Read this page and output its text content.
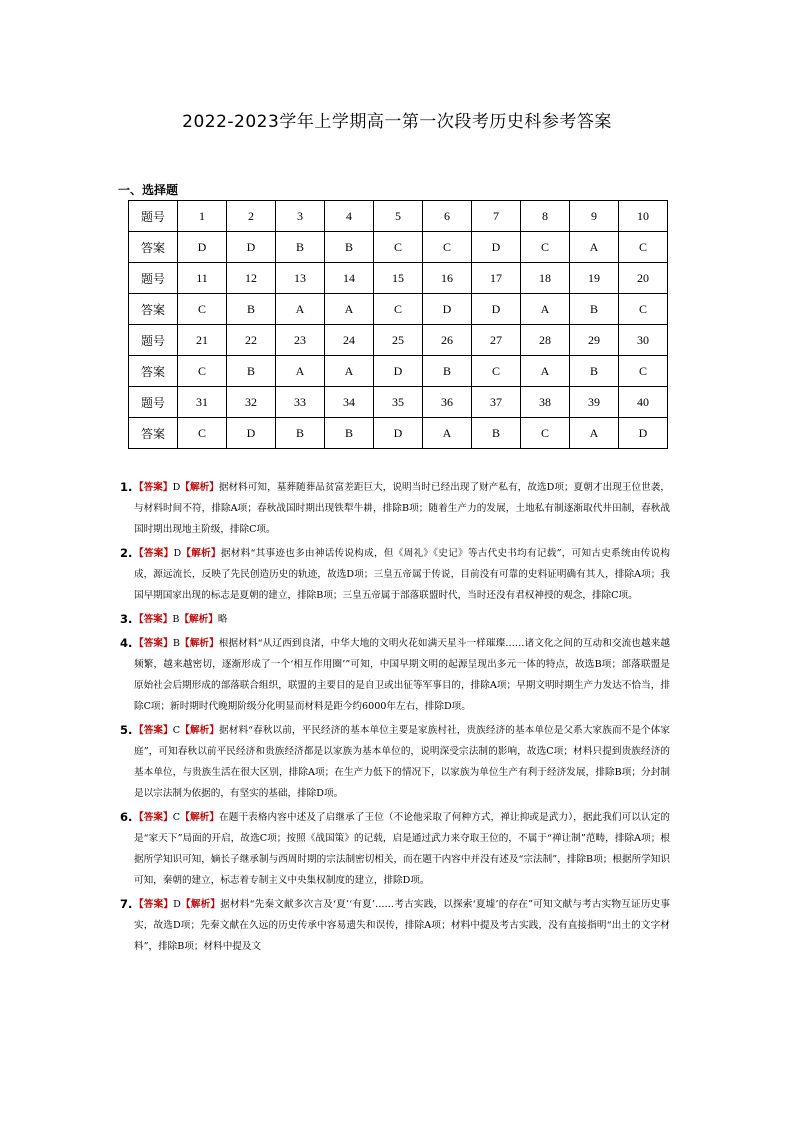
2022-2023学年上学期高一第一次段考历史科参考答案
一、选择题
题号	1	2	3	4	5	6	7	8	9	10
答案	D	D	B	B	C	C	D	C	A	C
题号	11	12	13	14	15	16	17	18	19	20
答案	C	B	A	A	C	D	D	A	B	C
题号	21	22	23	24	25	26	27	28	29	30
答案	C	B	A	A	D	B	C	A	B	C
题号	31	32	33	34	35	36	37	38	39	40
答案	C	D	B	B	D	A	B	C	A	D
1. 【答案】D【解析】据材料可知，墓葬随葬品贫富差距巨大，说明当时已经出现了财产私有，故选D项；夏朝才出现王位世袭，与材料时间不符，排除A项；春秋战国时期出现铁犁牛耕，排除B项；随着生产力的发展，土地私有制逐渐取代井田制，春秋战国时期出现地主阶级，排除C项。
2. 【答案】D【解析】据材料“其事迹也多由神话传说构成，但《周礼》《史记》等古代史书均有记载”，可知古史系统由传说构成，源远流长，反映了先民创造历史的轨迹，故选D项；三皇五帝属于传说，目前没有可靠的史料证明确有其人，排除A项；我国早期国家出现的标志是夏朝的建立，排除B项；三皇五帝属于部落联盟时代，当时还没有君权神授的观念，排除C项。
3. 【答案】B【解析】略
4. 【答案】B【解析】根据材料“从辽西到良渚，中华大地的文明火花如满天星斗一样璀璨……诸文化之间的互动和交流也越来越频繁，越来越密切，逐渐形成了一个‘相互作用圈’”可知，中国早期文明的起源呈现出多元一体的特点，故选B项；部落联盟是原始社会后期形成的部落联合组织，联盟的主要目的是自卫或出征等军事目的，排除A项；早期文明时期生产力发达不恰当，排除C项；新时期时代晚期阶级分化明显而材料是距今约6000年左右，排除D项。
5. 【答案】C【解析】据材料“春秋以前，平民经济的基本单位主要是家族村社，贵族经济的基本单位是父系大家族而不是个体家庭”，可知春秋以前平民经济和贵族经济都是以家族为基本单位的，说明深受宗法制的影响，故选C项；材料只提到贵族经济的基本单位，与贵族生活在很大区别，排除A项；在生产力低下的情况下，以家族为单位生产有利于经济发展，排除B项；分封制是以宗法制为依据的，有坚实的基础，排除D项。
6. 【答案】C【解析】在题干表格内容中述及了启继承了王位（不论他采取了何种方式，禅让抑或是武力），据此我们可以认定的是“家天下”局面的开启，故选C项；按照《战国策》的记载，启是通过武力来夺取王位的，不属于“禅让制”范畴，排除A项；根据所学知识可知，嫡长子继承制与西周时期的宗法制密切相关，而在题干内容中并没有述及“宗法制”，排除B项；根据所学知识可知，秦朝的建立，标志着专制主义中央集权制度的建立，排除D项。
7. 【答案】D【解析】据材料“先秦文献多次言及‘夏’‘有夏’……考古实践，以探索‘夏墟’的存在”可知文献与考古实物互证历史事实，故选D项；先秦文献在久远的历史传承中容易遗失和误传，排除A项；材料中提及考古实践，没有直接指明“出土的文字材料”，排除B项；材料中提及文
